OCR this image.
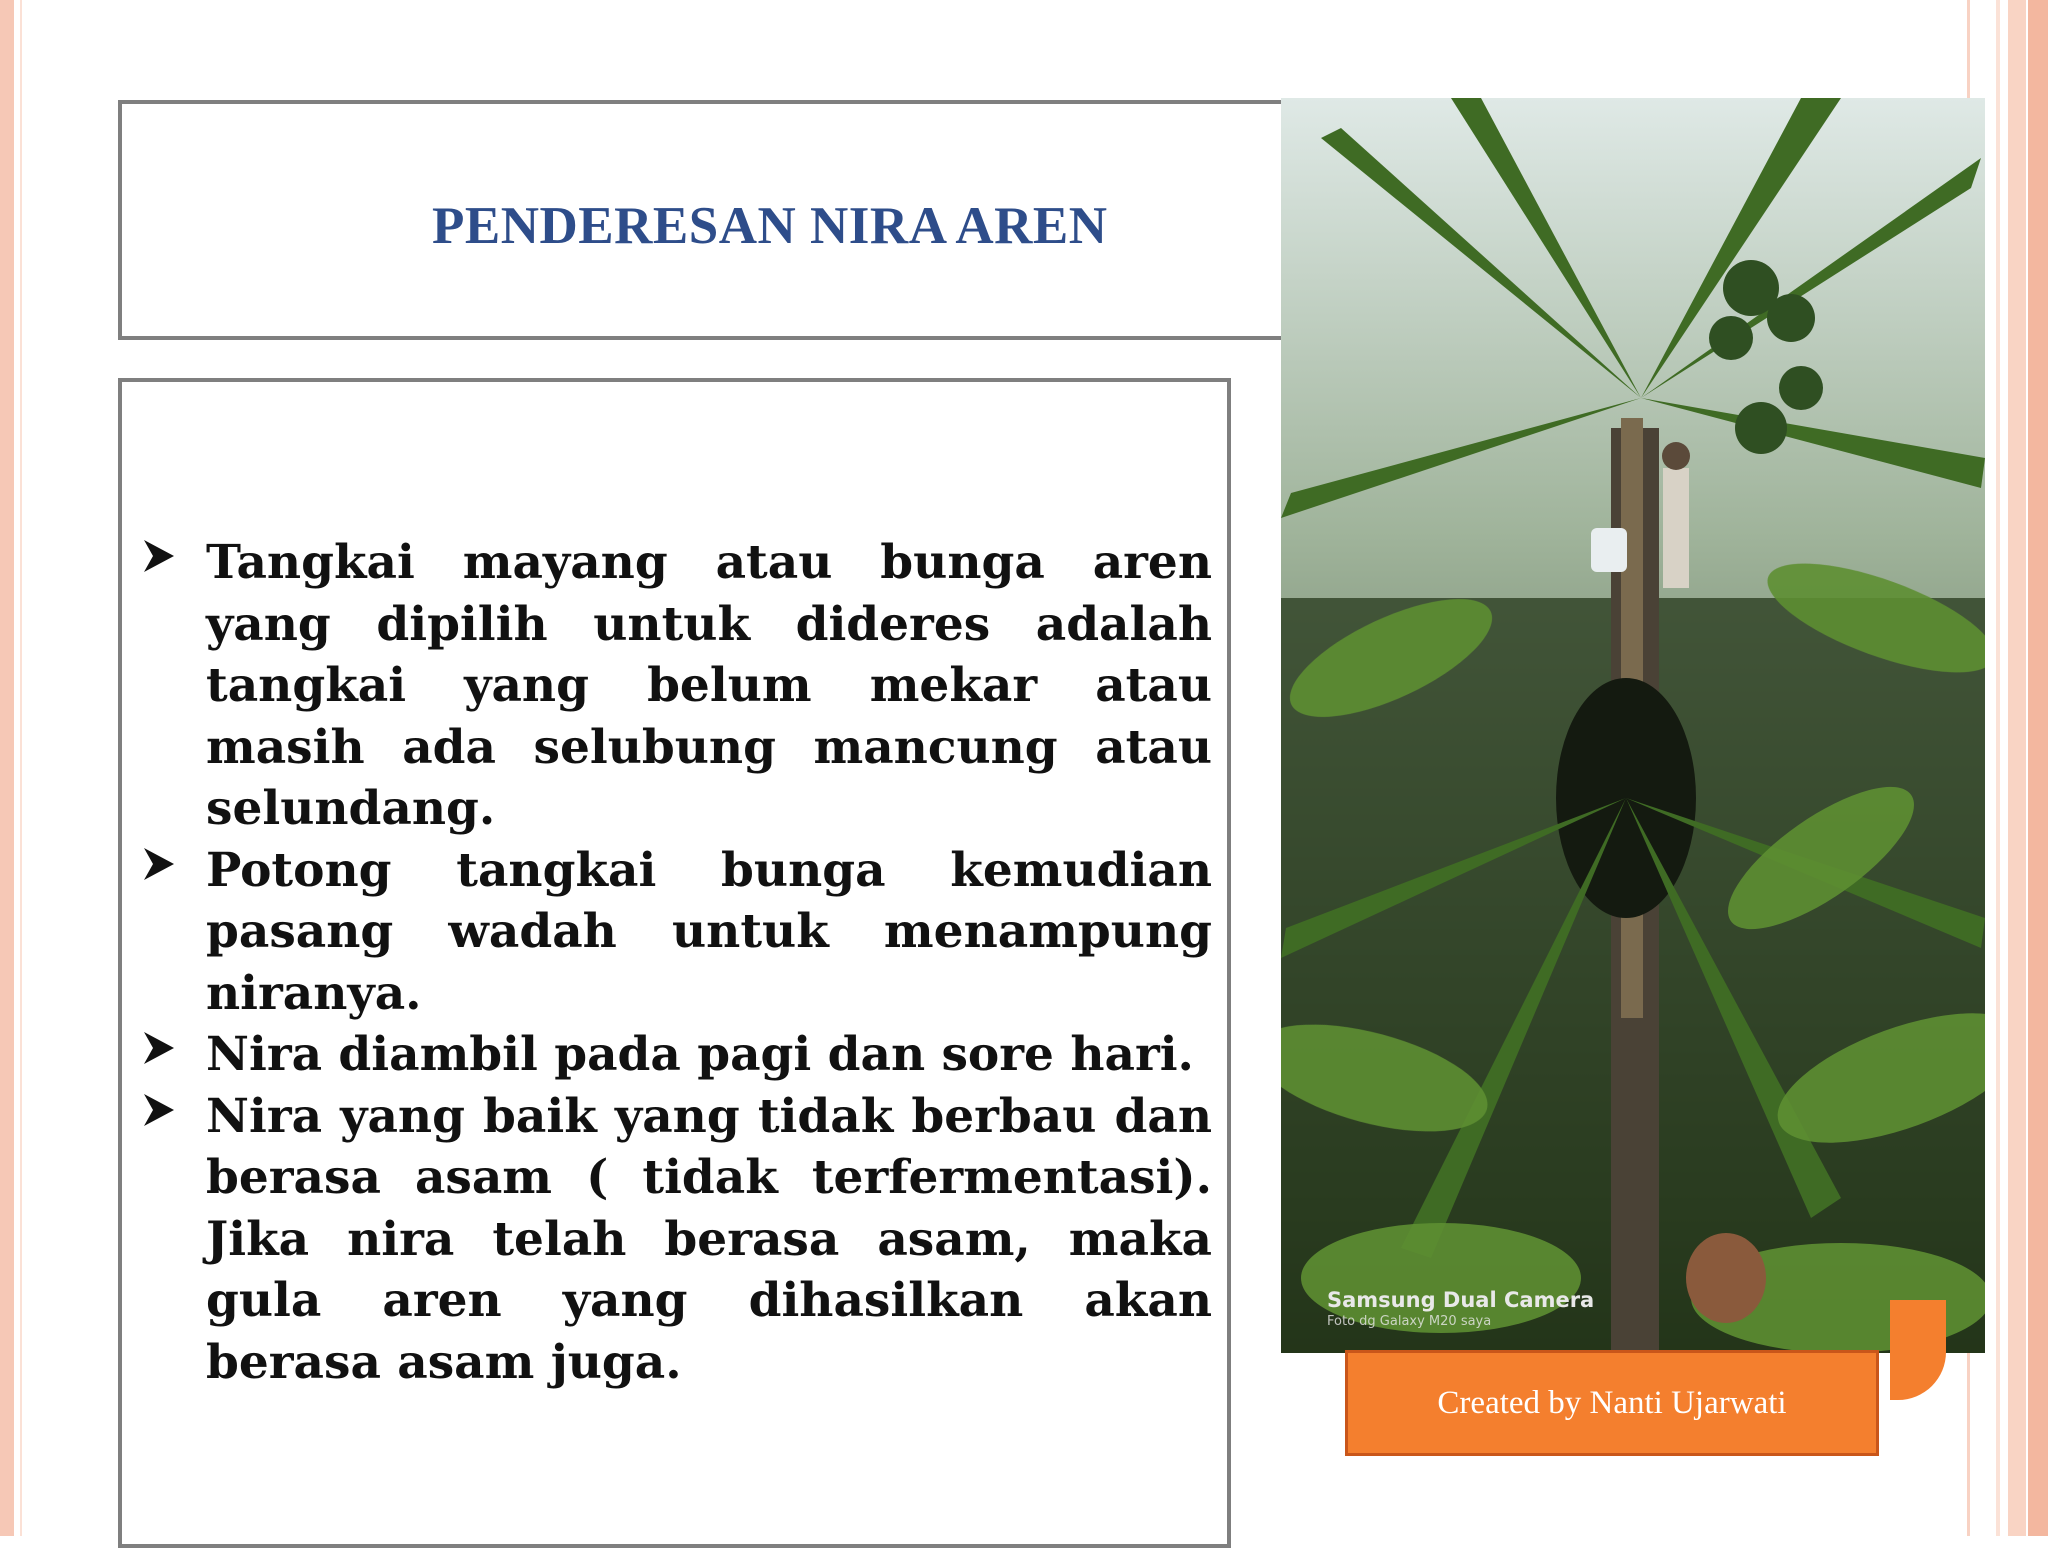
PENDERESAN NIRA AREN
Tangkai mayang atau bunga aren yang dipilih untuk dideres adalah tangkai yang belum mekar atau masih ada selubung mancung atau selundang.
Potong tangkai bunga kemudian pasang wadah untuk menampung niranya.
Nira diambil pada pagi dan sore hari.
Nira yang baik yang tidak berbau dan berasa asam ( tidak terfermentasi). Jika nira telah berasa asam, maka gula aren yang dihasilkan akan berasa asam juga.
Samsung Dual Camera
Foto dg Galaxy M20 saya
Created by Nanti Ujarwati
